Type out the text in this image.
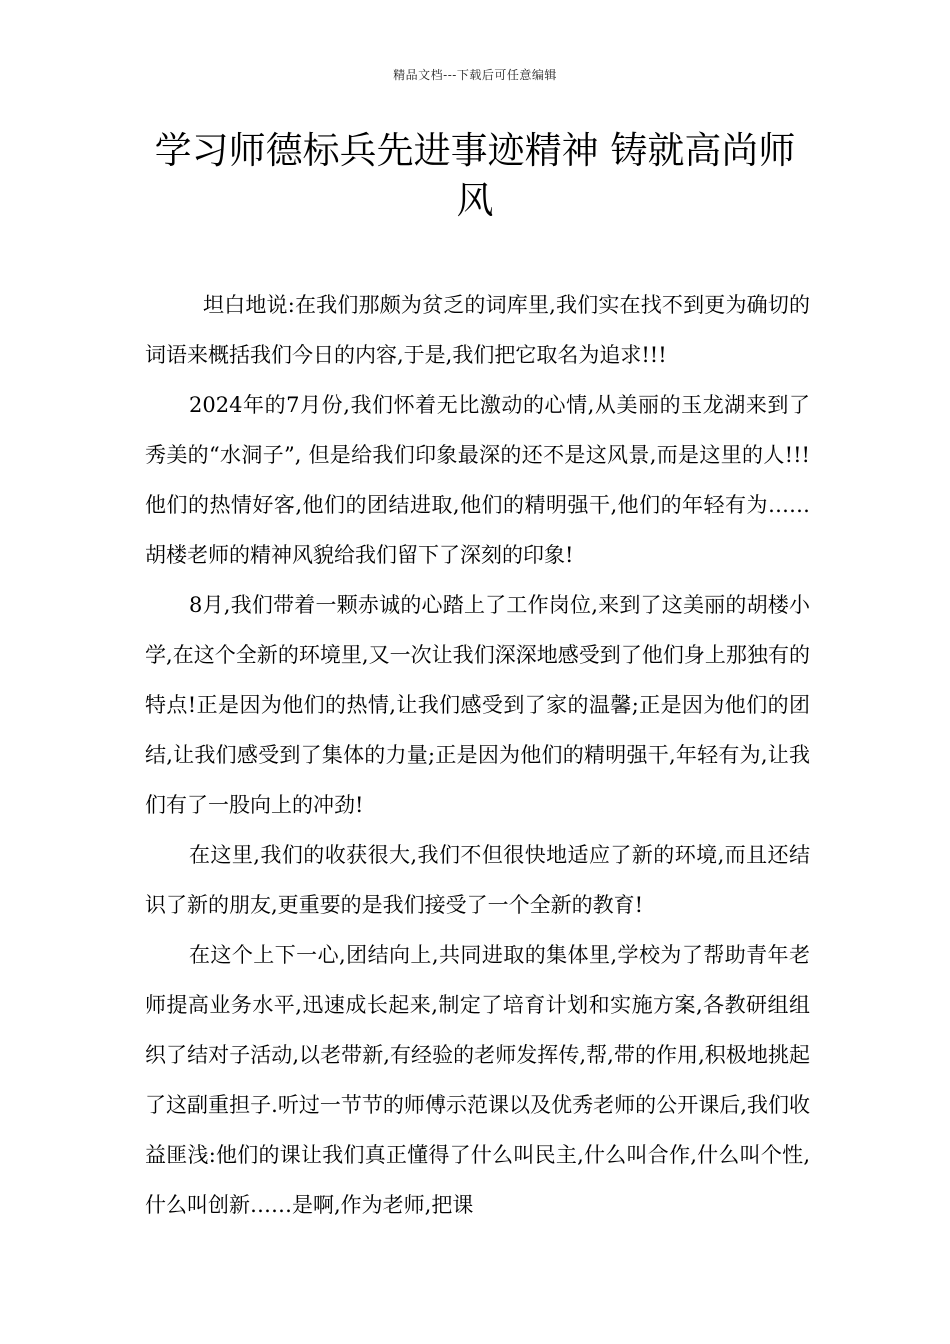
精品文档---下载后可任意编辑
学习师德标兵先进事迹精神 铸就高尚师风

坦白地说:在我们那颇为贫乏的词库里,我们实在找不到更为确切的词语来概括我们今日的内容,于是,我们把它取名为追求!!!

2024年的7月份,我们怀着无比激动的心情,从美丽的玉龙湖来到了秀美的“水洞子”, 但是给我们印象最深的还不是这风景,而是这里的人!!!他们的热情好客,他们的团结进取,他们的精明强干,他们的年轻有为……胡楼老师的精神风貌给我们留下了深刻的印象!

8月,我们带着一颗赤诚的心踏上了工作岗位,来到了这美丽的胡楼小学,在这个全新的环境里,又一次让我们深深地感受到了他们身上那独有的特点!正是因为他们的热情,让我们感受到了家的温馨;正是因为他们的团结,让我们感受到了集体的力量;正是因为他们的精明强干,年轻有为,让我们有了一股向上的冲劲!

在这里,我们的收获很大,我们不但很快地适应了新的环境,而且还结识了新的朋友,更重要的是我们接受了一个全新的教育!

在这个上下一心,团结向上,共同进取的集体里,学校为了帮助青年老师提高业务水平,迅速成长起来,制定了培育计划和实施方案,各教研组组织了结对子活动,以老带新,有经验的老师发挥传,帮,带的作用,积极地挑起了这副重担子.听过一节节的师傅示范课以及优秀老师的公开课后,我们收益匪浅:他们的课让我们真正懂得了什么叫民主,什么叫合作,什么叫个性,什么叫创新……是啊,作为老师,把课
